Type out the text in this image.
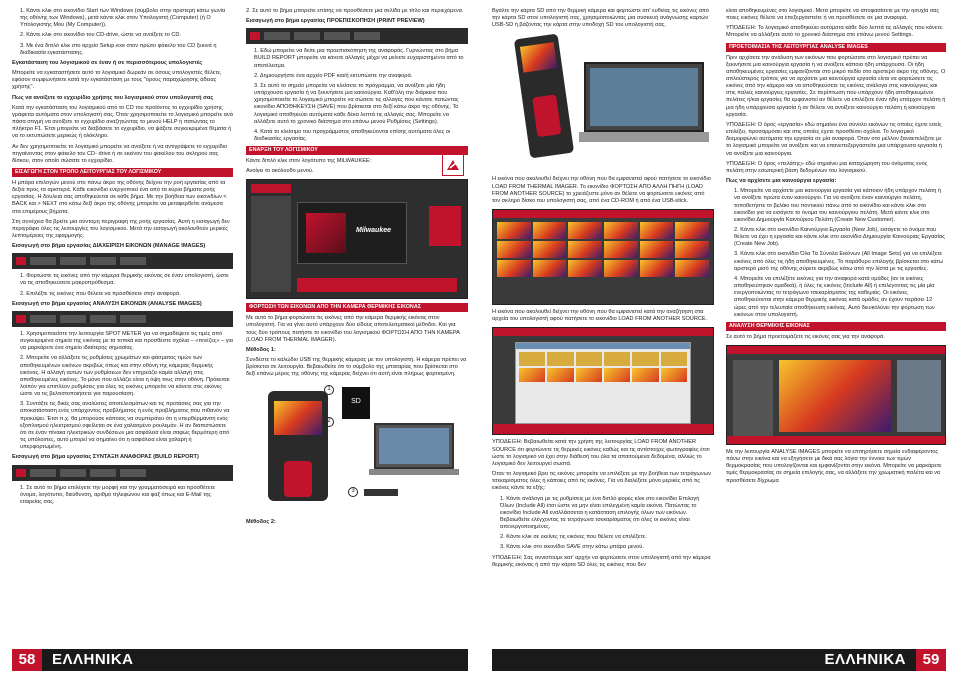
1. Κάντε κλικ στο εικονίδιο Start των Windows (σύμβολο στην αριστερή κάτω γωνία της οθόνης των Windows), μετά κάντε κλικ στον Υπολογιστή (Computer) (ή Ο Υπολογιστής Μου (My Computer)).
2. Κάντε κλικ στο εικονίδιο του CD-drive, ώστε να ανοίξετε το CD.
3. Με ένα διπλό κλικ στο αρχείο Setup.exe στον πρώτο φάκελο του CD ξεκινά η διαδικασία εγκατάστασης.

Εγκατάσταση του λογισμικού σε έναν ή σε περισσότερους υπολογιστές

Μπορείτε να εγκαταστήσετε αυτό το λογισμικό δωρεάν σε όσους υπολογιστές θέλετε, εφόσον συμφωνήσετε κατά την εγκατάσταση με τους "όρους παραχώρησης άδειας χρήσης".

Πως να ανοίξετε το εγχειρίδιο χρήσης του λογισμικού στον υπολογιστή σας

Κατά την εγκατάσταση του λογισμικού από το CD του προϊόντος το εγχειρίδιο χρήσης γράφεται αυτόματα στον υπολογιστή σας. Όταν χρησιμοποιείτε το λογισμικό μπορείτε ανά πάσα στιγμή να ανοίξετε το εγχειρίδιο αναζητώντας το μενού HELP ή πατώντας το πλήκτρο F1. Έτσι μπορείτε να διαβάσετε το εγχειρίδιο, να ψάξετε συγκεκριμένα θέματα ή να το εκτυπώσετε μερικώς ή ολόκληρο.

Αν δεν χρησιμοποιείτε το λογισμικό μπορείτε να ανοίξετε ή να αντιγράψετε το εγχειρίδιο πηγαίνοντας στον φάκελο του CD- drive ή σε εκείνον του φακέλου του σκληρού σας δίσκου, στον οποίο σώσατε το εγχειρίδιο.

ΕΙΣΑΓΩΓΗ ΣΤΟΝ ΤΡΟΠΟ ΛΕΙΤΟΥΡΓΙΑΣ ΤΟΥ ΛΟΓΙΣΜΙΚΟΥ

Η μπάρα επιλογών μενού στο πάνω άκρο της οθόνης δείχνει την ροή εργασίας από τα δεξιά προς τα αριστερά. Κάθε εικονίδιο ενεργοποιεί ένα από τα κύρια βήματα ροής εργασίας. Η δουλειά σας αποθηκεύεται σε κάθε βήμα. Με την βοήθεια των εικονιδίων < BACK και > NEXT στο κάτω δεξί άκρο της οθόνης μπορείτε να μεταφερθείτε ανάμεσα στα επιμέρους βήματα.

Στη συνέχεια θα βρείτε μια σύντομη περιγραφή της ροής εργασίας. Αυτή η εισαγωγή δεν περιγράφει όλες τις λειτουργίες του λογισμικού. Μετά την εισαγωγή ακολουθούν μερικές λεπτομέρειες της εφαρμογής.

Εισαγωγή στο βήμα εργασίας ΔΙΑΧΕΙΡΙΣΗ ΕΙΚΟΝΩΝ (MANAGE IMAGES)

1. Φορτώστε τις εικόνες από την κάμερα θερμικής εικόνας σε έναν υπολογιστή, ώστε να τις αποθηκεύσετε μακροπρόθεσμα.
2. Επιλέξτε τις εικόνες που θέλετε να προσθέσετε στην αναφορά.

Εισαγωγή στο βήμα εργασίας ΑΝΑΛΥΣΗ ΕΙΚΟΝΩΝ (ANALYSE IMAGES)

1. Χρησιμοποιείστε την λειτουργία SPOT METER για να σημαδέψετε τις τιμές από συγκεκριμένα σημεία της εικόνας με τα τοπικά και προσθέστε σχόλια – «πινέζες» – για να μαρκάρετε ένα σημείο ιδιαίτερης σημασίας.
2. Μπορείτε να αλλάξετε τις ρυθμίσεις χρωμάτων και φάσματος τιμών των αποθηκευμένων εικόνων ακριβώς όπως και στην οθόνη της κάμερας θερμικής εικόνας. Η αλλαγή αυτών των ρυθμίσεων δεν επηρεάζει καμία αλλαγή στις αποθηκευμένες εικόνες. Το μόνο που αλλάζει είναι η όψη τους στην οθόνη. Πρόκειται λοιπόν για επιπλέον ρυθμίσεις για όλες τις εικόνες μπορείτε να κάνετε στις εικόνες ώστε να τις βελτιστοποιήσετε για παρουσίαση.
3. Συντάξτε τις δικές σας αναλύσεις αποτελεσμάτων και τις προτάσεις σας για την αποκατάσταση ενός υπάρχοντος προβλήματος ή ενός προβλήματος που πιθανόν να προκύψει. Έτσι π.χ. θα μπορούσε κάποιος να συμπεράνει ότι η υπερθέρμανση ενός εξοπλισμού ηλεκτρισμού οφείλεται σε ένα χαλασμένο ρουλεμάν. Η αν διαπιστώσετε ότι σε έναν πίνακα ηλεκτρικών συνδέσεων μια ασφάλεια είναι σαφώς θερμότερη από τις υπόλοιπες, αυτό μπορεί να σημαίνει ότι η ασφάλεια είναι χαλαρή ή υπερφορτωμένη.

Εισαγωγή στο βήμα εργασίας ΣΥΝΤΑΞΗ ΑΝΑΦΟΡΑΣ (BUILD REPORT)

1. Σε αυτό το βήμα επιλέγετε την μορφή και την γραμματοσειρά και προσθέτετε όνομα, λογότυπο, διεύθυνση, αριθμό τηλεφώνου και φαξ όπως και E-Mail της εταιρείας σας.

2. Σε αυτό το βήμα μπορείτε επίσης να προσθέσετε μια σελίδα με τίτλο και περιεχόμενα.

Εισαγωγή στο βήμα εργασίας ΠΡΟΕΠΙΣΚΟΠΗΣΗ (PRINT PREVIEW)

1. Εδώ μπορείτε να δείτε μια προεπισκόπηση της αναφοράς. Γυρνώντας στο βήμα BUILD REPORT μπορείτε να κάνετε αλλαγές μέχρι να μείνετε ευχαριστημένοι από το αποτέλεσμα.
2. Δημιουργήστε ένα αρχείο PDF και/ή εκτυπώστε την αναφορά.
3. Σε αυτό το σημείο μπορείτε να κλείσετε το πρόγραμμα, να ανοίξετε μία ήδη υπάρχουσα εργασία ή να ξεκινήσετε μια καινούργια. Καθ'όλη την διάρκεια που χρησιμοποιείτε το λογισμικό μπορείτε να σώσετε τις αλλαγές που κάνατε πατώντας εικονίδιο ΑΠΟΘΗΚΕΥΣΗ (SAVE) που βρίσκεται στο δεξί κάτω άκρο της οθόνης. Το λογισμικό αποθηκεύει αυτόματα κάθε δέκα λεπτά τις αλλαγές σας. Μπορείτε να αλλάξετε αυτό το χρονικό διάστημα στο επάνω μενού Ρυθμίσεις (Settings).
4. Κατά το κλείσιμο του προγράμματος αποθηκεύονται επίσης αυτόματα όλες οι διαδικασίες εργασίας.
ΕΝΑΡΞΗ ΤΟΥ ΛΟΓΙΣΜΙΚΟΥ

Κάντε διπλό κλικ στον λογότυπο της MILWAUKEE:

Ανοίγει το ακόλουθο μενού.

Milwaukee
ΦΟΡΤΩΣΗ ΤΩΝ ΕΙΚΟΝΩΝ ΑΠΟ ΤΗΝ ΚΑΜΕΡΑ ΘΕΡΜΙΚΗΣ ΕΙΚΟΝΑΣ

Με αυτό το βήμα φορτώνετε τις εικόνες από την κάμερα θερμικής εικόνας στον υπολογιστή. Για να γίνει αυτό υπάρχουν δύο είδους αποτελεσματικοί μέθοδοι. Και για τους δύο τρόπους πατήστε το εικονίδιο του λογισμικού ΦΟΡΤΩΣΗ ΑΠΟ ΤΗΝ ΚΑΜΕΡΑ (LOAD FROM THERMAL IMAGER).

Μέθοδος 1:

Συνδέστε το καλώδιο USB της θερμικής κάμερας με τον υπολογιστή. Η κάμερα πρέπει να βρίσκεται σε λειτουργία. Βεβαιωθείτε ότι το σύμβολο της μπαταρίας που βρίσκεται στο δεξί επάνω μέρος της οθόνης της κάμερας δείχνει ότι αυτή είναι πλήρως φορτισμένη.

SD
1
2
3

Μέθοδος 2:

58	ΕΛΛΗΝΙΚΑ

Βγάλτε την κάρτα SD από την θερμική κάμερα και φορτώστε απ' ευθείας τις εικόνες από την κάρτα SD στον υπολογιστή σας, χρησιμοποιώντας μια συσκευή ανάγνωσης καρτών USB-SD ή βάζοντας την κάρτα στην υποδοχή SD του υπολογιστή σας.

Η εικόνα που ακολουθεί δείχνει την οθόνη που θα εμφανιστεί αφού πατήσετε το εικονίδιο LOAD FROM THERMAL IMAGER. Το εικονίδιο ΦΟΡΤΩΣΗ ΑΠΟ ΑΛΛΗ ΠΗΓΗ (LOAD FROM ANOTHER SOURCE) το χρειάζεστε μόνο αν θέλετε να φορτώσετε εικόνες από τον σκληρό δίσκο του υπολογιστή σας, από ένα CD-ROM ή από ένα USB-stick.

Η εικόνα που ακολουθεί δείχνει την οθόνη που θα εμφανιστεί κατά την αναζήτηση στα αρχεία του υπολογιστή αφού πατήσετε το εικονίδιο LOAD FROM ANOTHER SOURCE.

ΥΠΟΔΕΙΞΗ: Βεβαιωθείτε κατά την χρήση της λειτουργίας LOAD FROM ANOTHER SOURCE ότι φορτώνετε τις θερμικές εικόνες καθώς και τις αντίστοιχες φωτογραφίες έτσι ώστε το λογισμικό να έχει στην διάθεσή του όλα τα απαιτούμενα δεδομένα, αλλιώς το λογισμικό δεν λειτουργεί σωστά.

Όταν το λογισμικό βρει τις εικόνες μπορείτε να επιλέξετε με την βοήθεια των τετράγωνων τσεκαρίσματος όλες ή κάποιες από τις εικόνες. Για να διαλέξετε μόνο μερικές από τις εικόνες κάντε τα εξής:

1. Κάντε ανάλογα με τις ρυθμίσεις με ένα διπλό φορές κλικ στο εικονίδιο Επιλογή Όλων (Include All) έτσι ώστε να μην είναι επιλεγμένη καμία εικόνα. Πατώντας το εικονίδιο Include All εναλλάσσεται η κατάσταση επιλογής όλων των εικόνων. Βεβαιωθείτε ελέγχοντας τα τετράγωνα τσεκαρίσματος ότι όλες οι εικόνες είναι απενεργοποιημένες.
2. Κάντε κλικ σε εκείνες τις εικόνες που θέλετε να επιλέξετε.
3. Κάντε κλικ στο εικονίδιο SAVE στην κάτω μπάρα μενού.

ΥΠΟΔΕΙΞΗ: Σας συνιστούμε κατ' αρχήν να φορτώσετε στον υπολογιστή από την κάμερα θερμικής εικόνας ή από την κάρτα SD όλες τις εικόνες που δεν

είναι αποθηκευμένες στο λογισμικό. Μετά μπορείτε να αποφασίσετε με την ησυχία σας ποιες εικόνες θέλετε να επεξεργαστείτε ή να προσθέσετε σε μια αναφορά.

ΥΠΟΔΕΙΞΗ: Το λογισμικό αποθηκεύει αυτόματα κάθε δύο λεπτά τις αλλαγές που κάνετε. Μπορείτε να αλλάξετε αυτό το χρονικό διάστημα στο επάνω μενού Settings.

ΠΡΟΕΤΟΙΜΑΣΙΑ ΤΗΣ ΛΕΙΤΟΥΡΓΙΑΣ ANALYSE IMAGES

Πριν αρχίσετε την ανάλυση των εικόνων που φορτώσατε στο λογισμικό πρέπει να ξεκινήσετε μια καινούργια εργασία ή να ανοίξετε κάποια ήδη υπάρχουσα. Οι ήδη αποθηκευμένες εργασίες εμφανίζονται στο μικρό πεδίο στο αριστερό άκρο της οθόνης. Ο απλούστερος τρόπος για να αρχίσετε μια καινούργια εργασία είναι να φορτώσετε τις εικόνες από την κάμερα και να αποθηκεύσετε τις εικόνες ανάλογα στις καινούργιες και στις παλιές καινούργιες εργασίες. Σε περίπτωση που υπάρχουν ήδη αποθηκευμένοι πελάτες ή/και εργασίες θα εμφανιστεί αν θέλετε να επιλέξετε έναν ήδη υπάρχον πελάτη ή μια ήδη υπάρχουσα εργασία ή αν θέλετε να ανοίξετε καινούργιο πελάτη ή καινούργια εργασία.

ΥΠΟΔΕΙΞΗ: Ο όρος «εργασία» εδώ σημαίνει ένα σύνολο εικόνων τις οποίες έχετε εσείς επιλέξει, προσαρμόσει και στις οποίες έχετε προσθέσει σχόλια. Το λογισμικό διαμορφώνει αυτόματα την εργασία σε μία αναφορά. Όταν στο μέλλον ξαναεπιλέξετε με το λογισμικό μπορείτε να ανοίξετε και να επανεπεξεργαστείτε μια υπάρχουσα εργασία ή να ανοίξετε μια καινούργια.

ΥΠΟΔΕΙΞΗ: Ο όρος «πελάτης» εδώ σημαίνει μια καταχώρηση του ονόματος ενός πελάτη στην εσωτερική βάση δεδομένων του λογισμικού.

Πως να αρχίσετε μια καινούργια εργασία:

1. Μπορείτε να αρχίσετε μια καινούργια εργασία για κάποιον ήδη υπάρχον πελάτη ή να ανοίξετε πρώτα έναν καινούργιο. Για να ανοίξετε έναν καινούργιο πελάτη, τοποθετήστε το βελάκι του ποντικιού πάνω από το εικονίδιο και κάντε κλικ στο εικονίδιο για να εισάγετε το όνομα του καινούργιου πελάτη. Μετά κάντε κλικ στο εικονίδιο Δημιουργία Καινούριου Πελάτη (Create New Customer).
2. Κάντε κλικ στο εικονίδιο Καινούργια Εργασία (New Job), εισάγετε το όνομα που θέλετε να έχει η εργασία και κάντε κλικ στο εικονίδιο Δημιουργία Καινούριας Εργασίας (Create New Job).
3. Κάντε κλικ στο εικονίδιο Όλα Τα Σύνολα Εικόνων (All Image Sets) για να επιλέξετε εικόνες από όλες τις ήδη αποθηκευμένες. Το παράθυρο επιλογής βρίσκεται στο κάτω αριστερό μισό της οθόνης σύρετε ακριβώς κάτω από την λίστα με τις εργασίες.
4. Μπορείτε να επιλέξετε εικόνες για την αναφορά κατά ομάδες (αν οι εικόνες αποθηκεύτηκαν ομαδικά), ή όλες τις εικόνες (Include All) ή επιλέγοντας τις μία μία ενεργοποιώντας το τετράγωνο τσεκαρίσματος της καθεμιάς. Οι εικόνες αποθηκεύονται στην κάμερα θερμικής εικόνας κατά ομάδες αν έχουν περάσει 12 ώρες από την τελευταία αποθήκευση εικόνας. Αυτό διευκολύνει την φόρτωση των εικόνων στον υπολογιστή.
ΑΝΑΛΥΣΗ ΘΕΡΜΙΚΗΣ ΕΙΚΟΝΑΣ

Σε αυτό το βήμα προετοιμάζετε τις εικόνες σας για την αναφορά.

Με την λειτουργία ANALYSE IMAGES μπορείτε να επιτηρήσετε σημεία ενδιαφέροντος πάνω στην εικόνα και να εξηγήσετε με δικά σας λόγια την έννοια των τιμών θερμοκρασίας που υπολογίζονται και εμφανίζονται στην εικόνα. Μπορείτε να μαρκάρετε τιμές θερμοκρασίας σε σημεία επιλογής σας, να αλλάξετε την χρωματική παλέτα και να προσθέσετε δίχρωμα

ΕΛΛΗΝΙΚΑ	59
